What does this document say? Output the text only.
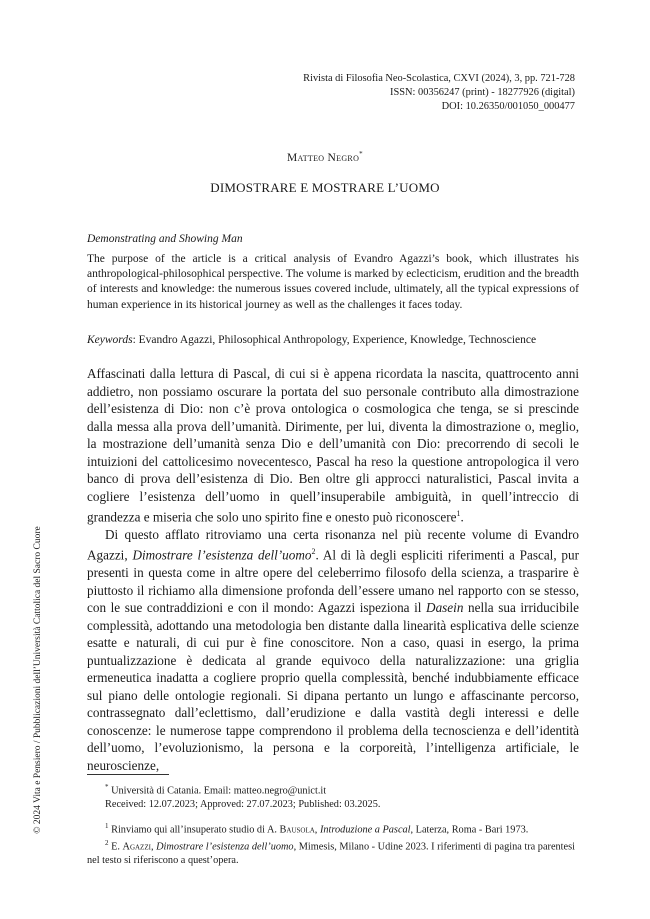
Rivista di Filosofia Neo-Scolastica, CXVI (2024), 3, pp. 721-728
ISSN: 00356247 (print) - 18277926 (digital)
DOI: 10.26350/001050_000477
Matteo Negro*
DIMOSTRARE E MOSTRARE L’UOMO
Demonstrating and Showing Man

The purpose of the article is a critical analysis of Evandro Agazzi’s book, which illustrates his anthropological-philosophical perspective. The volume is marked by eclecticism, erudition and the breadth of interests and knowledge: the numerous issues covered include, ultimately, all the typical expressions of human experience in its historical journey as well as the challenges it faces today.

Keywords: Evandro Agazzi, Philosophical Anthropology, Experience, Knowledge, Technoscience

Affascinati dalla lettura di Pascal, di cui si è appena ricordata la nascita, quattrocento anni addietro, non possiamo oscurare la portata del suo personale contributo alla dimostrazione dell’esistenza di Dio: non c’è prova ontologica o cosmologica che tenga, se si prescinde dalla messa alla prova dell’umanità. Dirimente, per lui, diventa la dimostrazione o, meglio, la mostrazione dell’umanità senza Dio e dell’umanità con Dio: precorrendo di secoli le intuizioni del cattolicesimo novecentesco, Pascal ha reso la questione antropologica il vero banco di prova dell’esistenza di Dio. Ben oltre gli approcci naturalistici, Pascal invita a cogliere l’esistenza dell’uomo in quell’insuperabile ambiguità, in quell’intreccio di grandezza e miseria che solo uno spirito fine e onesto può riconoscere$^1$.

Di questo afflato ritroviamo una certa risonanza nel più recente volume di Evandro Agazzi, Dimostrare l’esistenza dell’uomo$^2$. Al di là degli espliciti riferimenti a Pascal, pur presenti in questa come in altre opere del celeberrimo filosofo della scienza, a trasparire è piuttosto il richiamo alla dimensione profonda dell’essere umano nel rapporto con se stesso, con le sue contraddizioni e con il mondo: Agazzi ispeziona il Dasein nella sua irriducibile complessità, adottando una metodologia ben distante dalla linearità esplicativa delle scienze esatte e naturali, di cui pur è fine conoscitore. Non a caso, quasi in esergo, la prima puntualizzazione è dedicata al grande equivoco della naturalizzazione: una griglia ermeneutica inadatta a cogliere proprio quella complessità, benché indubbiamente efficace sul piano delle ontologie regionali. Si dipana pertanto un lungo e affascinante percorso, contrassegnato dall’eclettismo, dall’erudizione e dalla vastità degli interessi e delle conoscenze: le numerose tappe comprendono il problema della tecnoscienza e dell’identità dell’uomo, l’evoluzionismo, la persona e la corporeità, l’intelligenza artificiale, le neuroscienze,

* Università di Catania. Email: matteo.negro@unict.it

Received: 12.07.2023; Approved: 27.07.2023; Published: 03.2025.

$^1$ Rinviamo qui all’insuperato studio di A. Bausola, Introduzione a Pascal, Laterza, Roma - Bari 1973.

$^2$ E. Agazzi, Dimostrare l’esistenza dell’uomo, Mimesis, Milano - Udine 2023. I riferimenti di pagina tra parentesi nel testo si riferiscono a quest’opera.

© 2024 Vita e Pensiero / Pubblicazioni dell’Università Cattolica del Sacro Cuore
